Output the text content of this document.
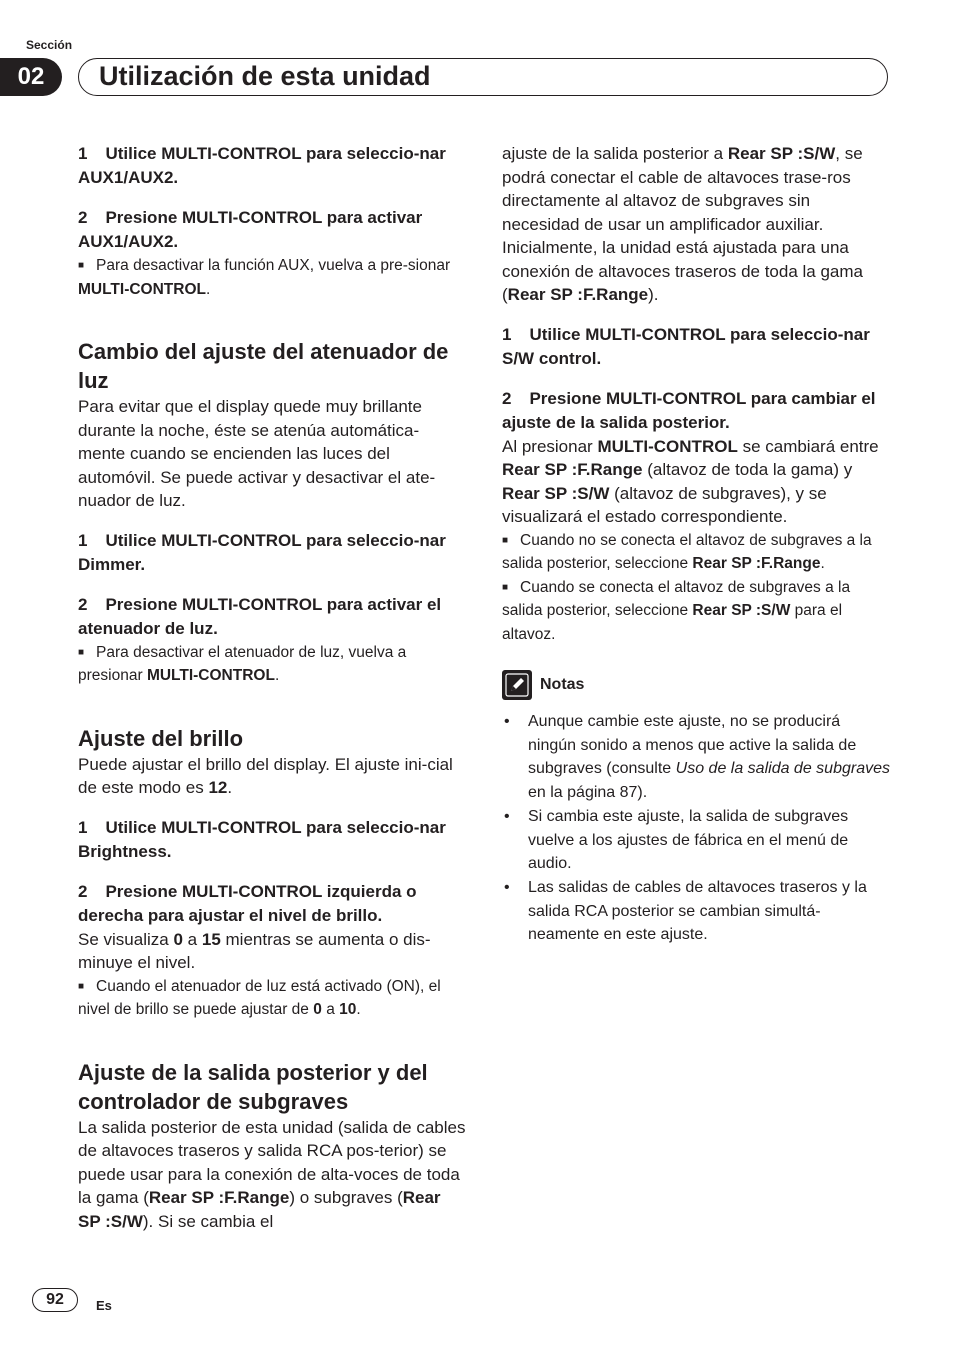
Sección
02	Utilización de esta unidad

1 Utilice MULTI-CONTROL para seleccio-nar AUX1/AUX2.

2 Presione MULTI-CONTROL para activar AUX1/AUX2.

■ Para desactivar la función AUX, vuelva a pre-sionar MULTI-CONTROL.

Cambio del ajuste del atenuador de luz

Para evitar que el display quede muy brillante durante la noche, éste se atenúa automática-mente cuando se encienden las luces del automóvil. Se puede activar y desactivar el ate-nuador de luz.

1 Utilice MULTI-CONTROL para seleccio-nar Dimmer.

2 Presione MULTI-CONTROL para activar el atenuador de luz.

■ Para desactivar el atenuador de luz, vuelva a presionar MULTI-CONTROL.

Ajuste del brillo

Puede ajustar el brillo del display. El ajuste ini-cial de este modo es 12.

1 Utilice MULTI-CONTROL para seleccio-nar Brightness.

2 Presione MULTI-CONTROL izquierda o derecha para ajustar el nivel de brillo.

Se visualiza 0 a 15 mientras se aumenta o dis-minuye el nivel.

■ Cuando el atenuador de luz está activado (ON), el nivel de brillo se puede ajustar de 0 a 10.

Ajuste de la salida posterior y del controlador de subgraves

La salida posterior de esta unidad (salida de cables de altavoces traseros y salida RCA pos-terior) se puede usar para la conexión de alta-voces de toda la gama (Rear SP :F.Range) o subgraves (Rear SP :S/W). Si se cambia el

ajuste de la salida posterior a Rear SP :S/W, se podrá conectar el cable de altavoces trase-ros directamente al altavoz de subgraves sin necesidad de usar un amplificador auxiliar. Inicialmente, la unidad está ajustada para una conexión de altavoces traseros de toda la gama (Rear SP :F.Range).

1 Utilice MULTI-CONTROL para seleccio-nar S/W control.

2 Presione MULTI-CONTROL para cambiar el ajuste de la salida posterior.

Al presionar MULTI-CONTROL se cambiará entre Rear SP :F.Range (altavoz de toda la gama) y Rear SP :S/W (altavoz de subgraves), y se visualizará el estado correspondiente.

■ Cuando no se conecta el altavoz de subgraves a la salida posterior, seleccione Rear SP :F.Range.

■ Cuando se conecta el altavoz de subgraves a la salida posterior, seleccione Rear SP :S/W para el altavoz.

Notas
• Aunque cambie este ajuste, no se producirá ningún sonido a menos que active la salida de subgraves (consulte Uso de la salida de subgraves en la página 87).
• Si cambia este ajuste, la salida de subgraves vuelve a los ajustes de fábrica en el menú de audio.
• Las salidas de cables de altavoces traseros y la salida RCA posterior se cambian simultá-neamente en este ajuste.
92	Es
